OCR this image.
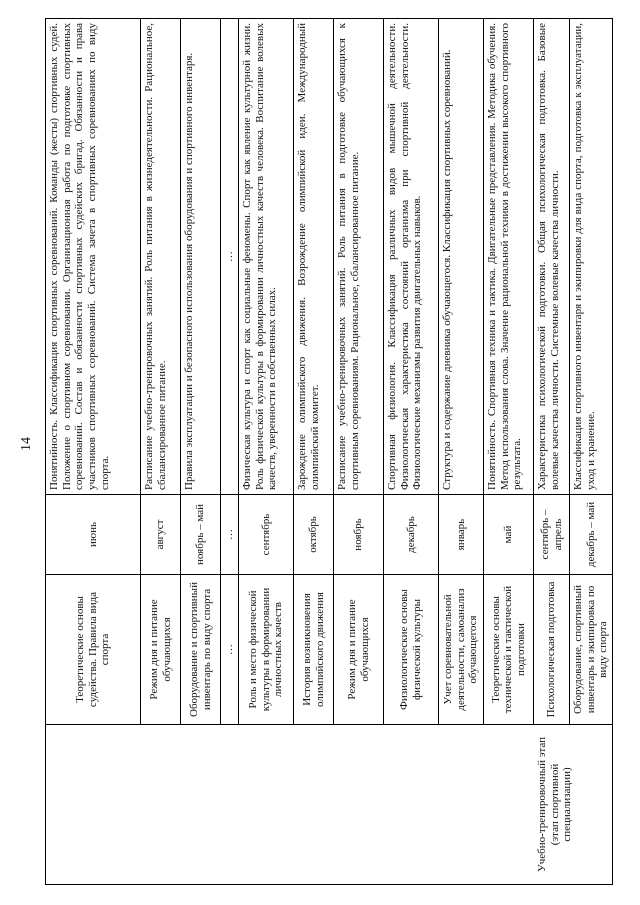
14
Учебно-тренировочный этап (этап спортивной специализации)	Теоретические основы судейства. Правила вида спорта	июнь	Понятийность. Классификация спортивных соревнований. Команды (жесты) спортивных судей. Положение о спортивном соревновании. Организационная работа по подготовке спортивных соревнований. Состав и обязанности спортивных судейских бригад. Обязанности и права участников спортивных соревнований. Система зачета в спортивных соревнованиях по виду спорта.
	Режим дня и питание обучающихся	август	Расписание учебно-тренировочных занятий. Роль питания в жизнедеятельности. Рациональное, сбалансированное питание.
	Оборудование и спортивный инвентарь по виду спорта	ноябрь – май	Правила эксплуатации и безопасного использования оборудования и спортивного инвентаря.
	…	…	…
	Роль и место физической культуры в формировании личностных качеств	сентябрь	Физическая культура и спорт как социальные феномены. Спорт как явление культурной жизни. Роль физической культуры в формировании личностных качеств человека. Воспитание волевых качеств, уверенности в собственных силах.
	История возникновения олимпийского движения	октябрь	Зарождение олимпийского движения. Возрождение олимпийской идеи. Международный олимпийский комитет.
	Режим дня и питание обучающихся	ноябрь	Расписание учебно-тренировочных занятий. Роль питания в подготовке обучающихся к спортивным соревнованиям. Рациональное, сбалансированное питание.
	Физиологические основы физической культуры	декабрь	Спортивная физиология. Классификация различных видов мышечной деятельности. Физиологическая характеристика состояний организма при спортивной деятельности. Физиологические механизмы развития двигательных навыков.
	Учет соревновательной деятельности, самоанализ обучающегося	январь	Структура и содержание дневника обучающегося. Классификация спортивных соревнований.
	Теоретические основы технической и тактической подготовки	май	Понятийность. Спортивная техника и тактика. Двигательные представления. Методика обучения. Метод использования слова. Значение рациональной техники в достижении высокого спортивного результата.
	Психологическая подготовка	сентябрь – апрель	Характеристика психологической подготовки. Общая психологическая подготовка. Базовые волевые качества личности. Системные волевые качества личности.
	Оборудование, спортивный инвентарь и экипировка по виду спорта	декабрь – май	Классификация спортивного инвентаря и экипировки для вида спорта, подготовка к эксплуатации, уход и хранение.
